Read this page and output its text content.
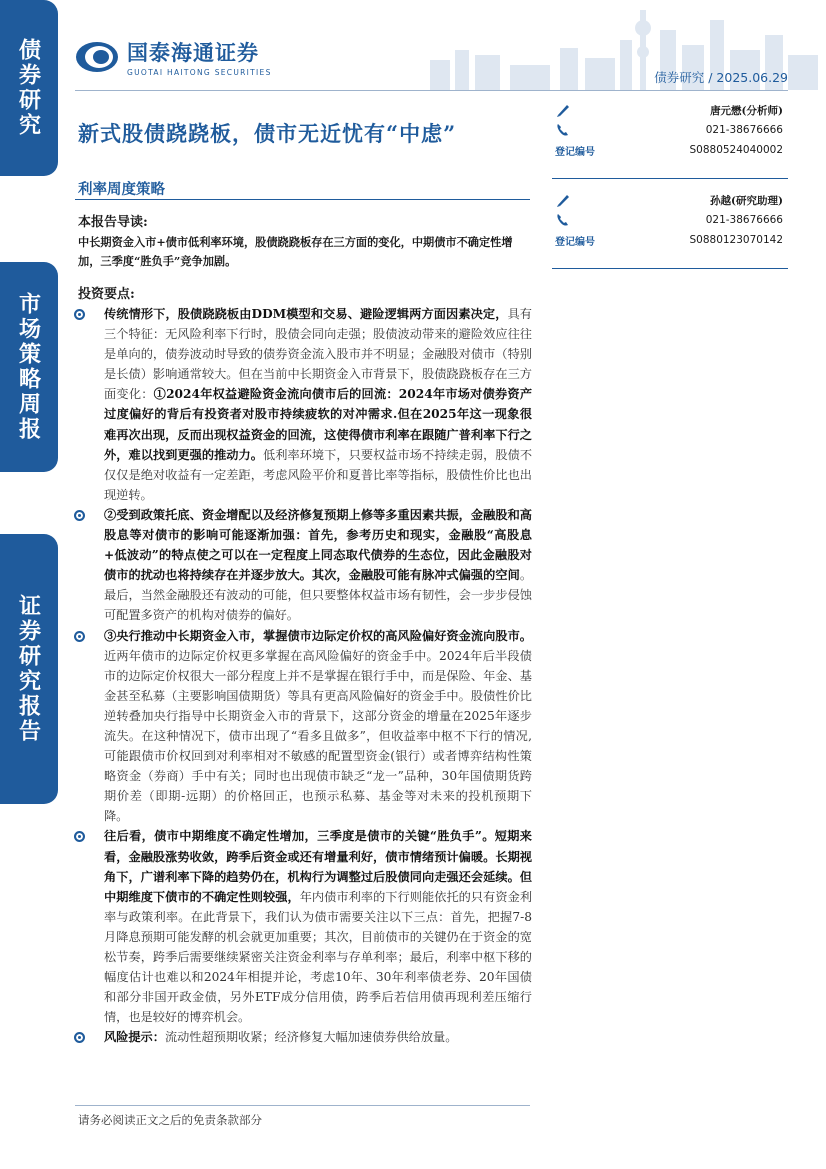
债券研究
市场策略周报
证券研究报告
国泰海通证券
GUOTAI HAITONG SECURITIES	债券研究 / 2025.06.29
新式股债跷跷板，债市无近忧有“中虑”
利率周度策略
本报告导读:
中长期资金入市+债市低利率环境，股债跷跷板存在三方面的变化，中期债市不确定性增加，三季度“胜负手”竞争加剧。
投资要点:
传统情形下，股债跷跷板由DDM模型和交易、避险逻辑两方面因素决定，具有三个特征：无风险利率下行时，股债会同向走强；股债波动带来的避险效应往往是单向的，债券波动时导致的债券资金流入股市并不明显；金融股对债市（特别是长债）影响通常较大。但在当前中长期资金入市背景下，股债跷跷板存在三方面变化：①2024年权益避险资金流向债市后的回流：2024年市场对债券资产过度偏好的背后有投资者对股市持续疲软的对冲需求.但在2025年这一现象很难再次出现，反而出现权益资金的回流，这使得债市利率在跟随广普利率下行之外，难以找到更强的推动力。低利率环境下，只要权益市场不持续走弱，股债不仅仅是绝对收益有一定差距，考虑风险平价和夏普比率等指标，股债性价比也出现逆转。
②受到政策托底、资金增配以及经济修复预期上修等多重因素共振，金融股和高股息等对债市的影响可能逐渐加强：首先，参考历史和现实，金融股“高股息+低波动”的特点使之可以在一定程度上同态取代债券的生态位，因此金融股对债市的扰动也将持续存在并逐步放大。其次，金融股可能有脉冲式偏强的空间。最后，当然金融股还有波动的可能，但只要整体权益市场有韧性，会一步步侵蚀可配置多资产的机构对债券的偏好。
③央行推动中长期资金入市，掌握债市边际定价权的高风险偏好资金流向股市。近两年债市的边际定价权更多掌握在高风险偏好的资金手中。2024年后半段债市的边际定价权很大一部分程度上并不是掌握在银行手中，而是保险、年金、基金甚至私募（主要影响国债期货）等具有更高风险偏好的资金手中。股债性价比逆转叠加央行指导中长期资金入市的背景下，这部分资金的增量在2025年逐步流失。在这种情况下，债市出现了“看多且做多”，但收益率中枢不下行的情况,可能跟债市价权回到对利率相对不敏感的配置型资金(银行）或者博弈结构性策略资金（券商）手中有关；同时也出现债市缺乏“龙一”品种，30年国债期货跨期价差（即期-远期）的价格回正，也预示私募、基金等对未来的投机预期下降。
往后看，债市中期维度不确定性增加，三季度是债市的关键“胜负手”。短期来看，金融股涨势收敛，跨季后资金或还有增量利好，债市情绪预计偏暖。长期视角下，广谱利率下降的趋势仍在，机构行为调整过后股债同向走强还会延续。但中期维度下债市的不确定性则较强，年内债市利率的下行则能依托的只有资金利率与政策利率。在此背景下，我们认为债市需要关注以下三点：首先，把握7-8月降息预期可能发酵的机会就更加重要；其次，目前债市的关键仍在于资金的宽松节奏，跨季后需要继续紧密关注资金利率与存单利率；最后，利率中枢下移的幅度估计也难以和2024年相提并论，考虑10年、30年利率债老券、20年国债和部分非国开政金债，另外ETF成分信用债，跨季后若信用债再现利差压缩行情，也是较好的博弈机会。
风险提示：流动性超预期收紧；经济修复大幅加速债券供给放量。
唐元懋(分析师)
021-38676666
登记编号	S0880524040002
孙越(研究助理)
021-38676666
登记编号	S0880123070142
请务必阅读正文之后的免责条款部分
